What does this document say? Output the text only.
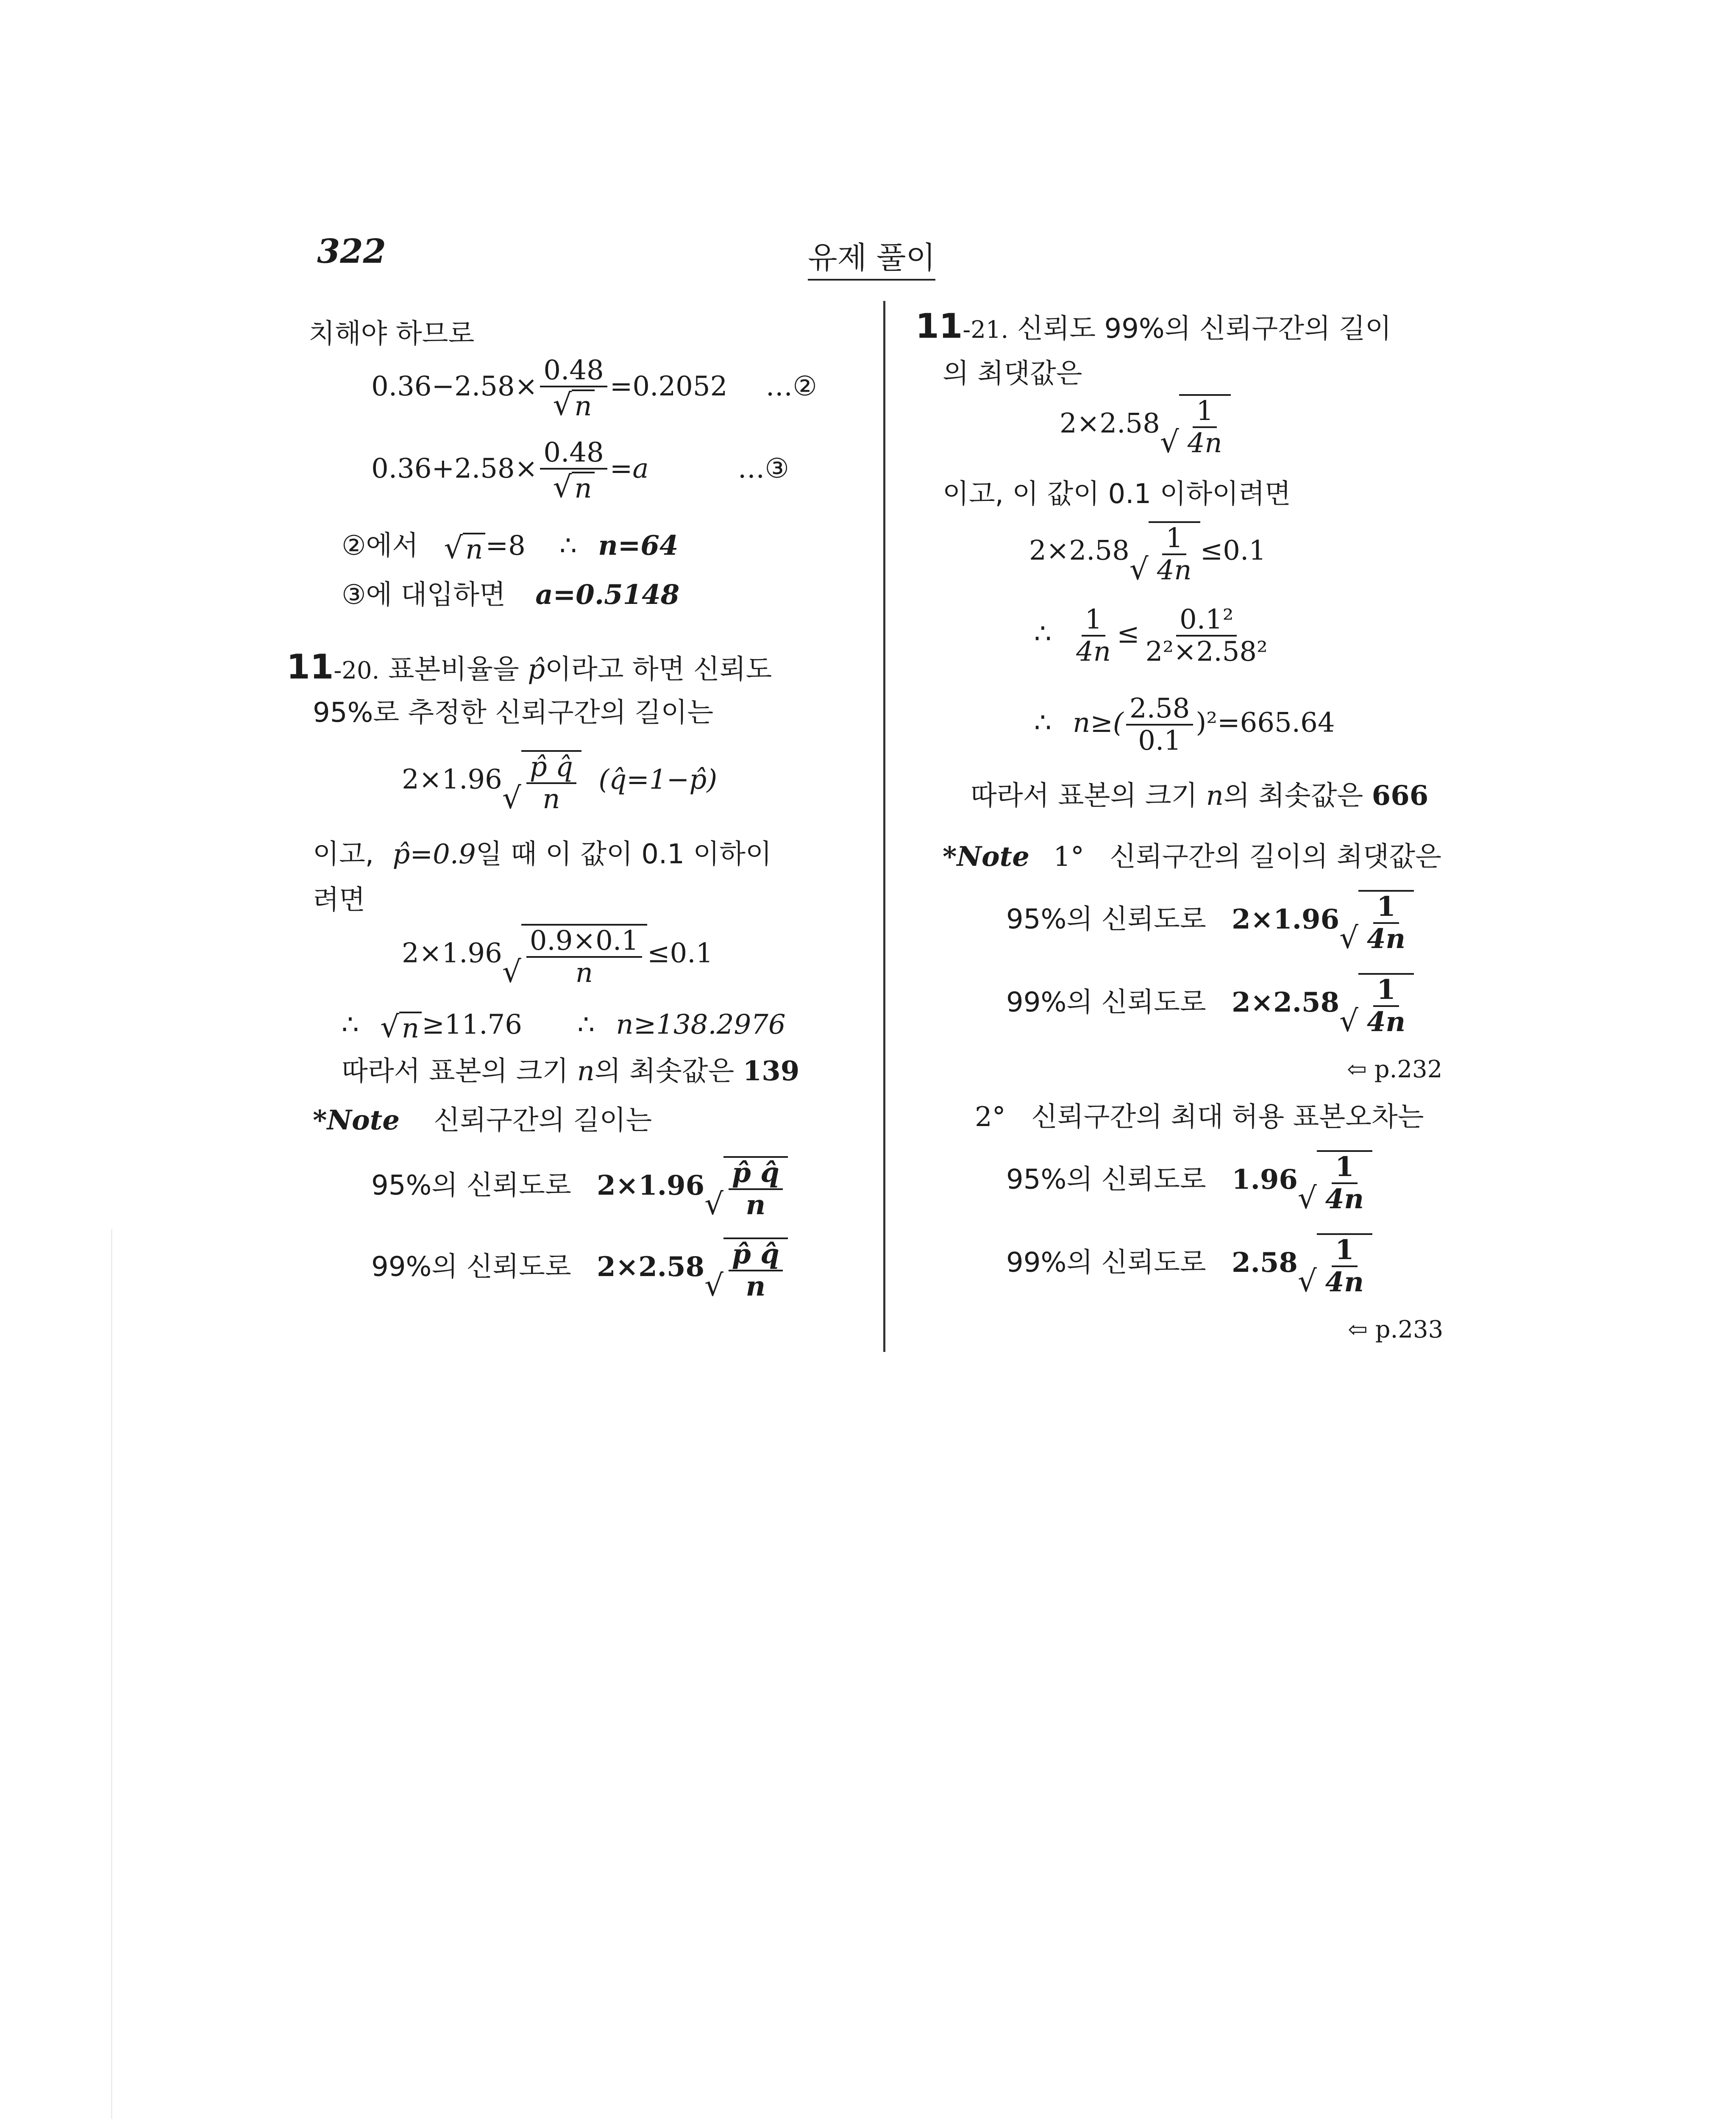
322	유제 풀이
치해야 하므로
$0.36-2.58\times \frac{0.48}{√ n} =0.2052$ …②
$0.36+2.58\times \frac{0.48}{√ n} =a$	…③
②에서 √ n =8 ∴ n=64
③에 대입하면 a=0.5148
11-20. 표본비율을 p̂이라고 하면 신뢰도
95%로 추정한 신뢰구간의 길이는
2×1.96
√ $\frac{p̂ q̂}{n}$ (q̂=1−p̂)
이고, p̂=0.9일 때 이 값이 0.1 이하이
려면
2×1.96
√ $\frac{0.9\times 0.1}{n} \le 0.1$
∴ √ n ≥11.76 ∴ n≥138.2976
따라서 표본의 크기 n의 최솟값은 139
*Note 신뢰구간의 길이는
95%의 신뢰도로 2×1.96
√ $\frac{p̂ q̂}{n}$
99%의 신뢰도로 2×2.58
√ $\frac{p̂ q̂}{n}$
11-21. 신뢰도 99%의 신뢰구간의 길이
의 최댓값은
2×2.58
√ $\frac{1}{4n}$
이고, 이 값이 0.1 이하이려면
2×2.58
√ $\frac{1}{4n} \le 0.1$
∴ $\frac{1}{4n} \le \frac{\text{0.1²}}{\text{2²×2.58²}}$
∴ $n\ge( \frac{2.58}{0.1} )^2=665.64$
따라서 표본의 크기 n의 최솟값은 666
*Note 1° 신뢰구간의 길이의 최댓값은
95%의 신뢰도로 2×1.96
√ $\frac{1}{4n}$
99%의 신뢰도로 2×2.58
√ $\frac{1}{4n}$
⇦ p.232
2° 신뢰구간의 최대 허용 표본오차는
95%의 신뢰도로 1.96
√ $\frac{1}{4n}$
99%의 신뢰도로 2.58
√ $\frac{1}{4n}$
⇦ p.233
